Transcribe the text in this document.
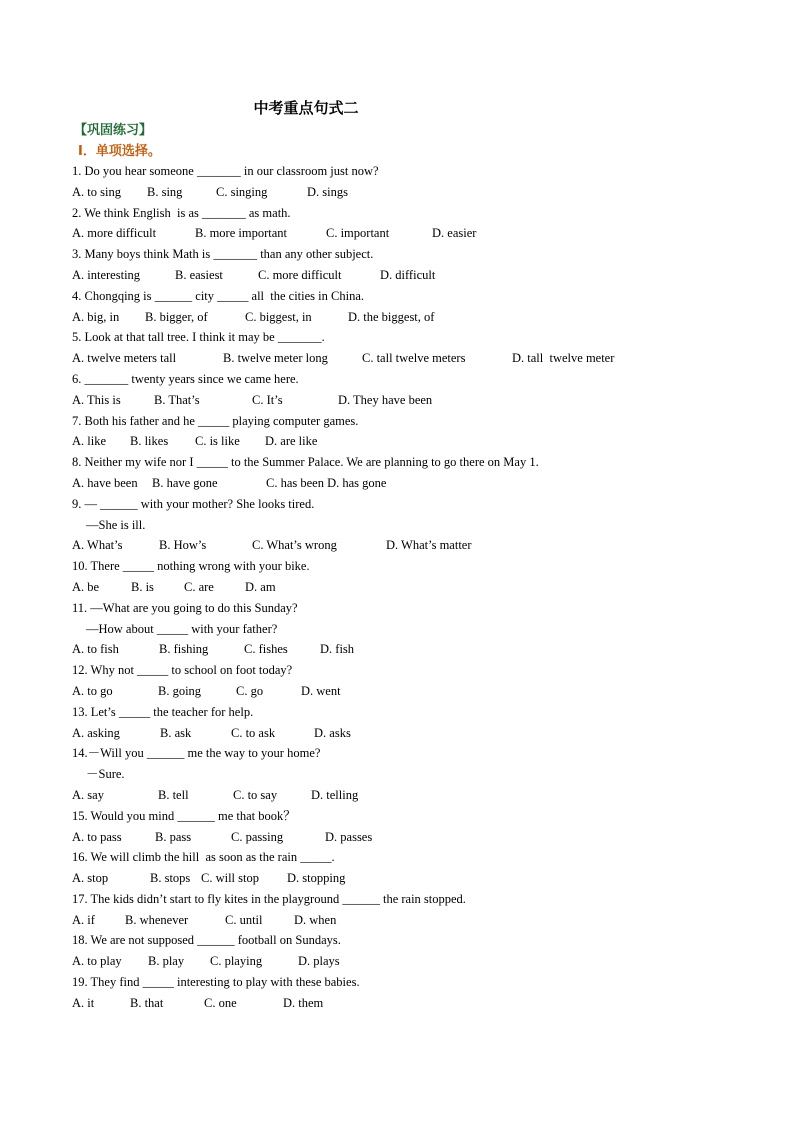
中考重点句式二
【巩固练习】
I．单项选择。
1. Do you hear someone _______ in our classroom just now?
A. to sing B. sing	C. singing	D. sings
2. We think English  is as _______ as math.
A. more difficult	B. more important	C. important	D. easier
3. Many boys think Math is _______ than any other subject.
A. interesting	B. easiest	C. more difficult	D. difficult
4. Chongqing is ______ city _____ all  the cities in China.
A. big, in B. bigger, of	C. biggest, in	D. the biggest, of
5. Look at that tall tree. I think it may be _______.
A. twelve meters tall	B. twelve meter long	C. tall twelve meters	D. tall  twelve meter
6. _______ twenty years since we came here.
A. This is	B. That’s	C. It’s	D. They have been
7. Both his father and he _____ playing computer games.
A. like B. likes C. is like D. are like
8. Neither my wife nor I _____ to the Summer Palace. We are planning to go there on May 1.
A. have been B. have gone	C. has been D. has gone
9. — ______ with your mother? She looks tired.
—She is ill.
A. What’s	B. How’s	C. What’s wrong	D. What’s matter
10. There _____ nothing wrong with your bike.
A. be	B. is C. are D. am
11. —What are you going to do this Sunday?
—How about _____ with your father?
A. to fish	B. fishing	C. fishes	D. fish
12. Why not _____ to school on foot today?
A. to go	B. going	C. go	D. went
13. Let’s _____ the teacher for help.
A. asking	B. ask	C. to ask	D. asks
14.－Will you ______ me the way to your home?
－Sure.
A. say	B. tell	C. to say	D. telling
15. Would you mind ______ me that book？
A. to pass	B. pass	C. passing	D. passes
16. We will climb the hill  as soon as the rain _____.
A. stop	B. stops C. will stop D. stopping
17. The kids didn’t start to fly kites in the playground ______ the rain stopped.
A. if B. whenever	C. until	D. when
18. We are not supposed ______ football on Sundays.
A. to play B. play C. playing	D. plays
19. They find _____ interesting to play with these babies.
A. it	B. that	C. one	D. them
